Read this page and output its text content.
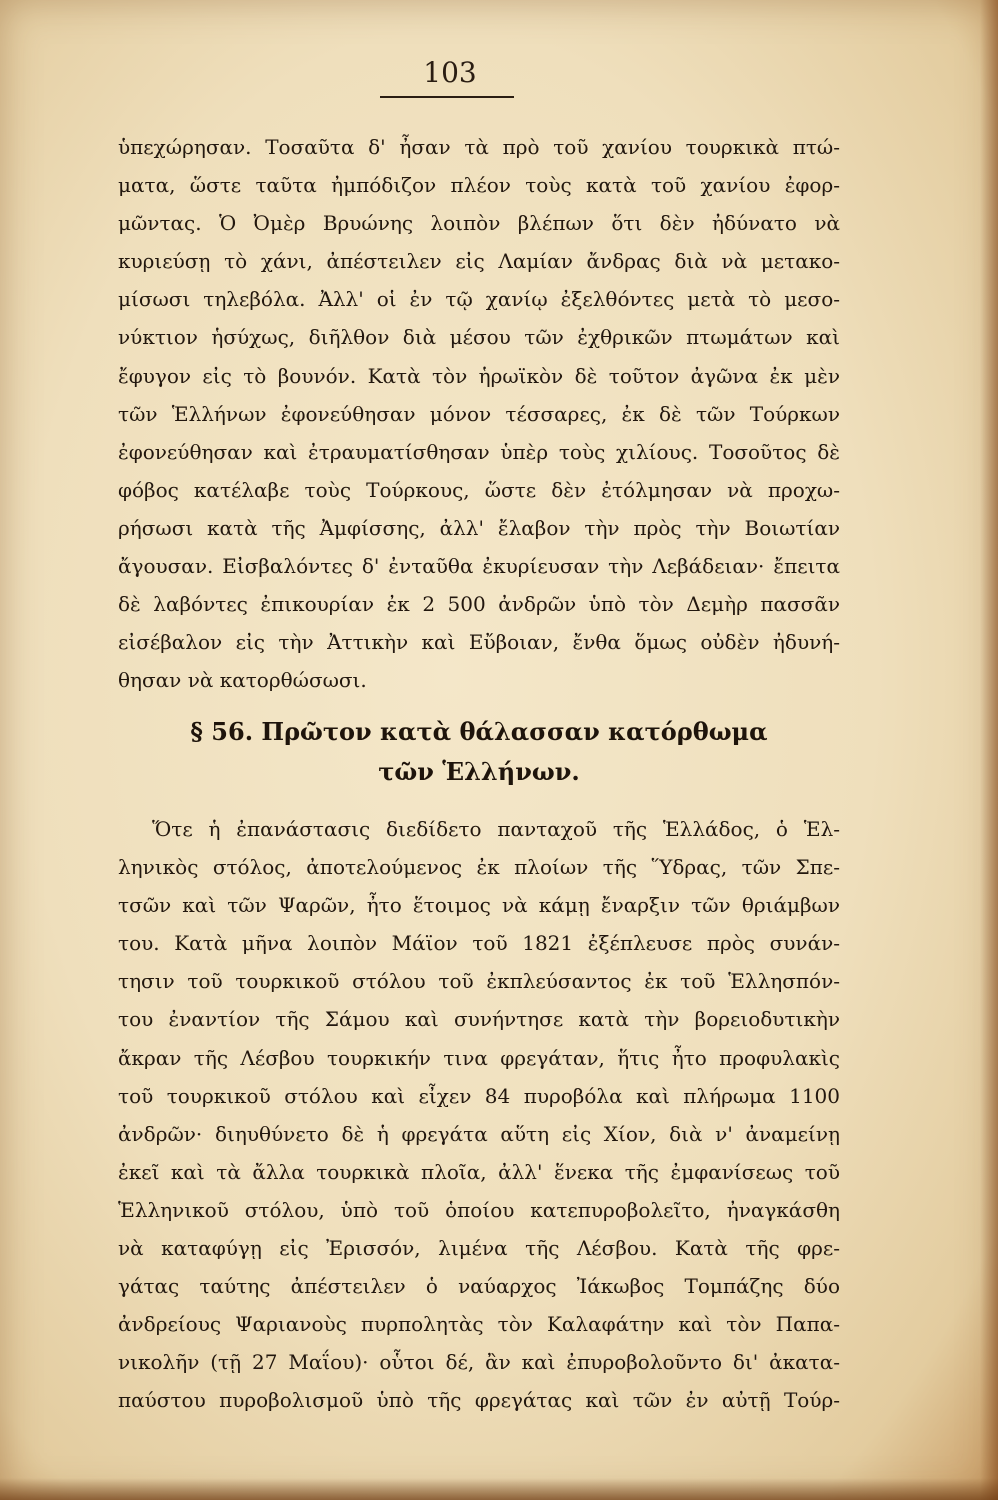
103

ὑπεχώρησαν. Τοσαῦτα δ' ἦσαν τὰ πρὸ τοῦ χανίου τουρκικὰ πτώ-
ματα, ὥστε ταῦτα ἠμπόδιζον πλέον τοὺς κατὰ τοῦ χανίου ἐφορ-
μῶντας. Ὁ Ὀμὲρ Βρυώνης λοιπὸν βλέπων ὅτι δὲν ἠδύνατο νὰ
κυριεύσῃ τὸ χάνι, ἀπέστειλεν εἰς Λαμίαν ἄνδρας διὰ νὰ μετακο-
μίσωσι τηλεβόλα. Ἀλλ' οἱ ἐν τῷ χανίῳ ἐξελθόντες μετὰ τὸ μεσο-
νύκτιον ἡσύχως, διῆλθον διὰ μέσου τῶν ἐχθρικῶν πτωμάτων καὶ
ἔφυγον εἰς τὸ βουνόν. Κατὰ τὸν ἡρωϊκὸν δὲ τοῦτον ἀγῶνα ἐκ μὲν
τῶν Ἑλλήνων ἐφονεύθησαν μόνον τέσσαρες, ἐκ δὲ τῶν Τούρκων
ἐφονεύθησαν καὶ ἐτραυματίσθησαν ὑπὲρ τοὺς χιλίους. Τοσοῦτος δὲ
φόβος κατέλαβε τοὺς Τούρκους, ὥστε δὲν ἐτόλμησαν νὰ προχω-
ρήσωσι κατὰ τῆς Ἀμφίσσης, ἀλλ' ἔλαβον τὴν πρὸς τὴν Βοιωτίαν
ἄγουσαν. Εἰσβαλόντες δ' ἐνταῦθα ἐκυρίευσαν τὴν Λεβάδειαν· ἔπειτα
δὲ λαβόντες ἐπικουρίαν ἐκ 2 500 ἀνδρῶν ὑπὸ τὸν Δεμὴρ πασσᾶν
εἰσέβαλον εἰς τὴν Ἀττικὴν καὶ Εὔβοιαν, ἔνθα ὅμως οὐδὲν ἠδυνή-
θησαν νὰ κατορθώσωσι.

§ 56. Πρῶτον κατὰ θάλασσαν κατόρθωμα
τῶν Ἑλλήνων.

Ὅτε ἡ ἐπανάστασις διεδίδετο πανταχοῦ τῆς Ἑλλάδος, ὁ Ἑλ-
ληνικὸς στόλος, ἀποτελούμενος ἐκ πλοίων τῆς Ὕδρας, τῶν Σπε-
τσῶν καὶ τῶν Ψαρῶν, ἦτο ἕτοιμος νὰ κάμῃ ἔναρξιν τῶν θριάμβων
του. Κατὰ μῆνα λοιπὸν Μάϊον τοῦ 1821 ἐξέπλευσε πρὸς συνάν-
τησιν τοῦ τουρκικοῦ στόλου τοῦ ἐκπλεύσαντος ἐκ τοῦ Ἑλλησπόν-
του ἐναντίον τῆς Σάμου καὶ συνήντησε κατὰ τὴν βορειοδυτικὴν
ἄκραν τῆς Λέσβου τουρκικήν τινα φρεγάταν, ἥτις ἦτο προφυλακὶς
τοῦ τουρκικοῦ στόλου καὶ εἶχεν 84 πυροβόλα καὶ πλήρωμα 1100
ἀνδρῶν· διηυθύνετο δὲ ἡ φρεγάτα αὕτη εἰς Χίον, διὰ ν' ἀναμείνῃ
ἐκεῖ καὶ τὰ ἄλλα τουρκικὰ πλοῖα, ἀλλ' ἕνεκα τῆς ἐμφανίσεως τοῦ
Ἑλληνικοῦ στόλου, ὑπὸ τοῦ ὁποίου κατεπυροβολεῖτο, ἠναγκάσθη
νὰ καταφύγῃ εἰς Ἐρισσόν, λιμένα τῆς Λέσβου. Κατὰ τῆς φρε-
γάτας ταύτης ἀπέστειλεν ὁ ναύαρχος Ἰάκωβος Τομπάζης δύο
ἀνδρείους Ψαριανοὺς πυρπολητὰς τὸν Καλαφάτην καὶ τὸν Παπα-
νικολῆν (τῇ 27 Μαΐου)· οὗτοι δέ, ἂν καὶ ἐπυροβολοῦντο δι' ἀκατα-
παύστου πυροβολισμοῦ ὑπὸ τῆς φρεγάτας καὶ τῶν ἐν αὐτῇ Τούρ-
